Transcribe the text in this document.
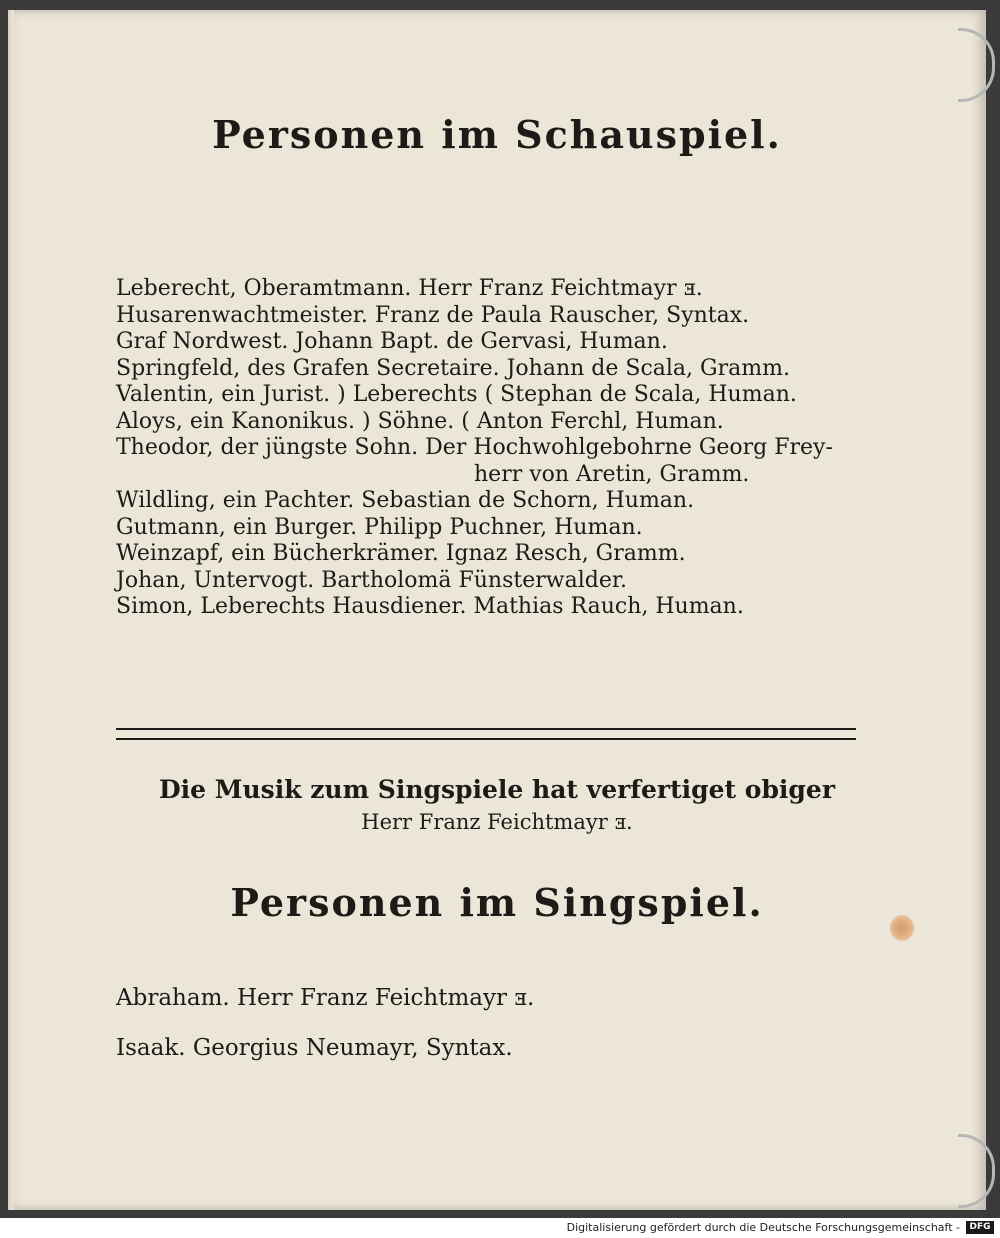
Personen im Schauspiel.
Leberecht, Oberamtmann. Herr Franz Feichtmayr ⱻ.
Husarenwachtmeister. Franz de Paula Rauscher, Syntax.
Graf Nordwest. Johann Bapt. de Gervasi, Human.
Springfeld, des Grafen Secretaire. Johann de Scala, Gramm.
Valentin, ein Jurist. ) Leberechts ( Stephan de Scala, Human.
Aloys, ein Kanonikus. ) Söhne. ( Anton Ferchl, Human.
Theodor, der jüngste Sohn. Der Hochwohlgebohrne Georg Frey-
herr von Aretin, Gramm.
Wildling, ein Pachter. Sebastian de Schorn, Human.
Gutmann, ein Burger. Philipp Puchner, Human.
Weinzapf, ein Bücherkrämer. Ignaz Resch, Gramm.
Johan, Untervogt. Bartholomä Fünsterwalder.
Simon, Leberechts Hausdiener. Mathias Rauch, Human.
Die Musik zum Singspiele hat verfertiget obiger
Herr Franz Feichtmayr ⱻ.
Personen im Singspiel.
Abraham. Herr Franz Feichtmayr ⱻ.
Isaak. Georgius Neumayr, Syntax.
Digitalisierung gefördert durch die Deutsche Forschungsgemeinschaft -	DFG
